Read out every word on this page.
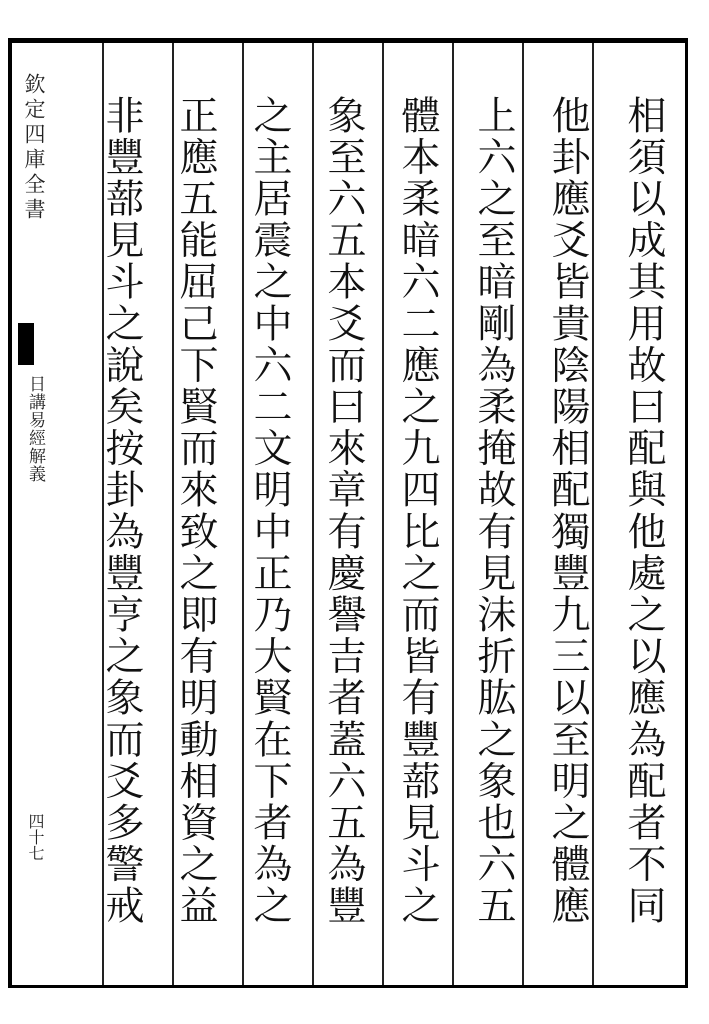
欽定四庫全書
日講易經解義
四十七	相須以成其用故曰配與他處之以應為配者不同
他卦應爻皆貴陰陽相配獨豐九三以至明之體應
上六之至暗剛為柔掩故有見沬折肱之象也六五
體本柔暗六二應之九四比之而皆有豐蔀見斗之
象至六五本爻而曰來章有慶譽吉者蓋六五為豐
之主居震之中六二文明中正乃大賢在下者為之
正應五能屈己下賢而來致之即有明動相資之益
非豐蔀見斗之說矣按卦為豐亨之象而爻多警戒
